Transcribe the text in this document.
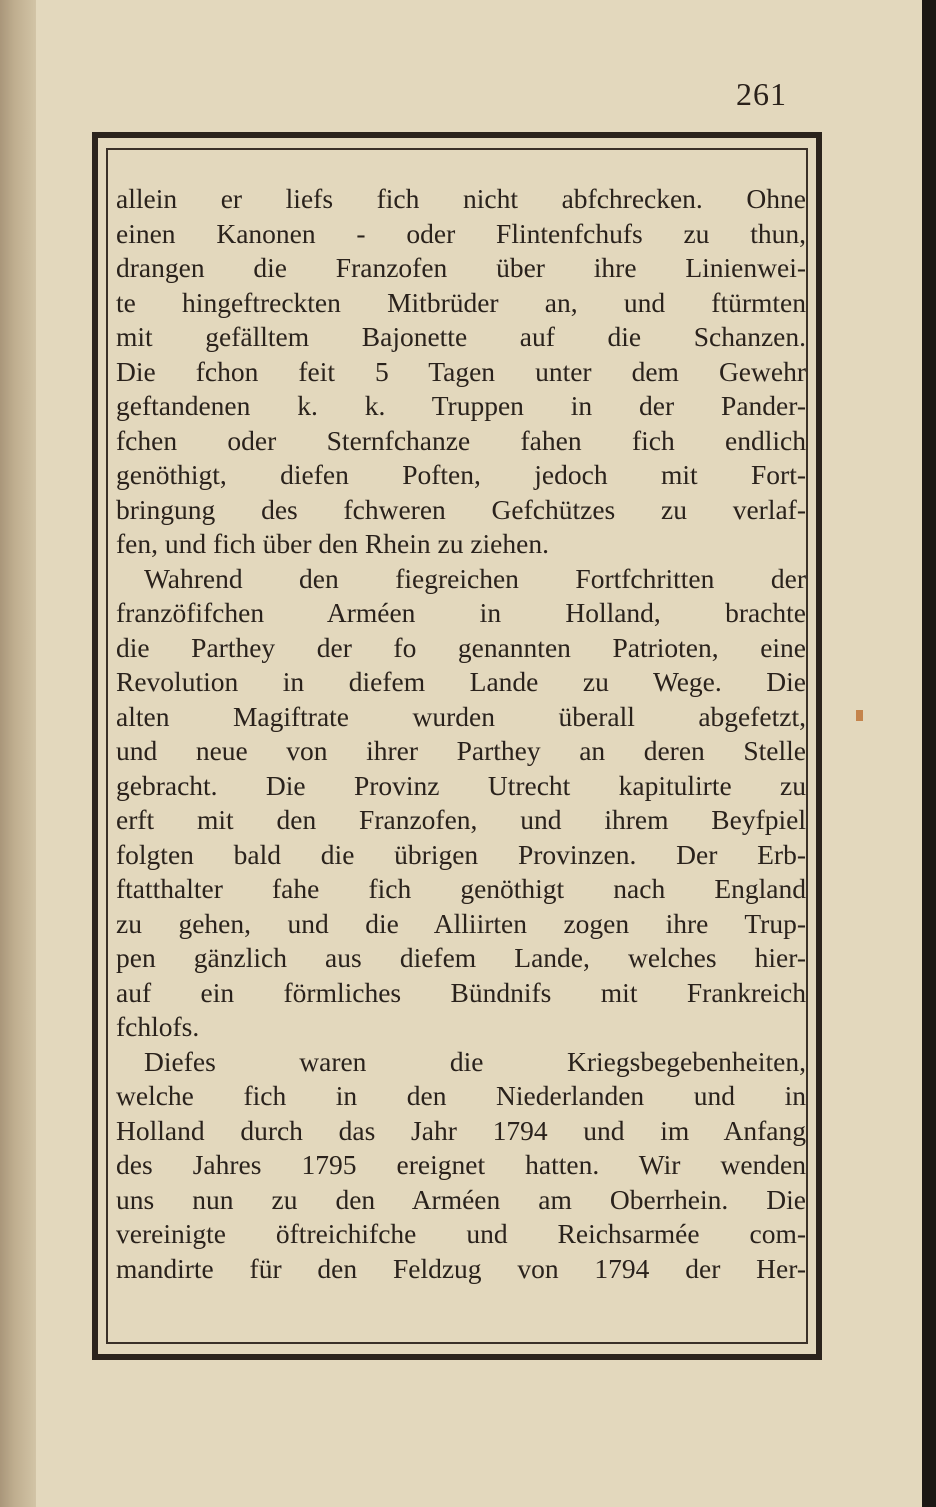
261
allein er liefs fich nicht abfchrecken. Ohne
einen Kanonen - oder Flintenfchufs zu thun,
drangen die Franzofen über ihre Linienwei-
te hingeftreckten Mitbrüder an, und ftürmten
mit gefälltem Bajonette auf die Schanzen.
Die fchon feit 5 Tagen unter dem Gewehr
geftandenen k. k. Truppen in der Pander-
fchen oder Sternfchanze fahen fich endlich
genöthigt, diefen Poften, jedoch mit Fort-
bringung des fchweren Gefchützes zu verlaf-
fen, und fich über den Rhein zu ziehen.
Wahrend den fiegreichen Fortfchritten der
franzöfifchen Arméen in Holland, brachte
die Parthey der fo genannten Patrioten, eine
Revolution in diefem Lande zu Wege. Die
alten Magiftrate wurden überall abgefetzt,
und neue von ihrer Parthey an deren Stelle
gebracht. Die Provinz Utrecht kapitulirte zu
erft mit den Franzofen, und ihrem Beyfpiel
folgten bald die übrigen Provinzen. Der Erb-
ftatthalter fahe fich genöthigt nach England
zu gehen, und die Alliirten zogen ihre Trup-
pen gänzlich aus diefem Lande, welches hier-
auf ein förmliches Bündnifs mit Frankreich
fchlofs.
Diefes waren die Kriegsbegebenheiten,
welche fich in den Niederlanden und in
Holland durch das Jahr 1794 und im Anfang
des Jahres 1795 ereignet hatten. Wir wenden
uns nun zu den Arméen am Oberrhein. Die
vereinigte öftreichifche und Reichsarmée com-
mandirte für den Feldzug von 1794 der Her-
